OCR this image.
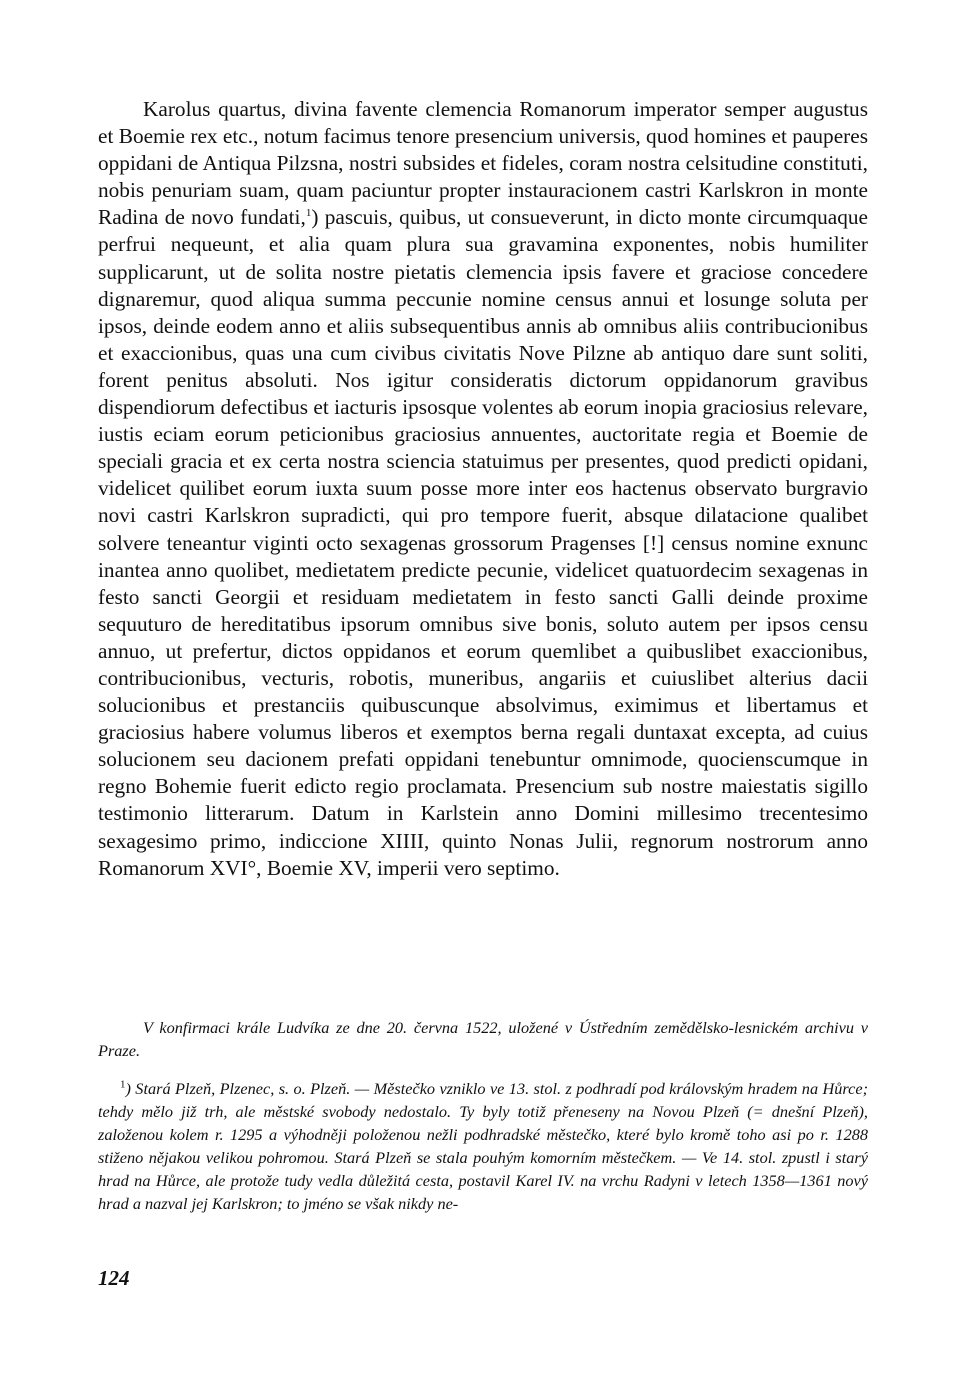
Karolus quartus, divina favente clemencia Romanorum imperator semper augustus et Boemie rex etc., notum facimus tenore presencium universis, quod homines et pauperes oppidani de Antiqua Pilzsna, nostri subsides et fideles, coram nostra celsitudine constituti, nobis penuriam suam, quam paciuntur propter instauracionem castri Karlskron in monte Radina de novo fundati,$^1$) pascuis, quibus, ut consueverunt, in dicto monte circumquaque perfrui nequeunt, et alia quam plura sua gravamina exponentes, nobis humiliter supplicarunt, ut de solita nostre pietatis clemencia ipsis favere et graciose concedere dignaremur, quod aliqua summa peccunie nomine census annui et losunge soluta per ipsos, deinde eodem anno et aliis subsequentibus annis ab omnibus aliis contribucionibus et exaccionibus, quas una cum civibus civitatis Nove Pilzne ab antiquo dare sunt soliti, forent penitus absoluti. Nos igitur consideratis dictorum oppidanorum gravibus dispendiorum defectibus et iacturis ipsosque volentes ab eorum inopia graciosius relevare, iustis eciam eorum peticionibus graciosius annuentes, auctoritate regia et Boemie de speciali gracia et ex certa nostra sciencia statuimus per presentes, quod predicti opidani, videlicet quilibet eorum iuxta suum posse more inter eos hactenus observato burgravio novi castri Karlskron supradicti, qui pro tempore fuerit, absque dilatacione qualibet solvere teneantur viginti octo sexagenas grossorum Pragenses [!] census nomine exnunc inantea anno quolibet, medietatem predicte pecunie, videlicet quatuordecim sexagenas in festo sancti Georgii et residuam medietatem in festo sancti Galli deinde proxime sequuturo de hereditatibus ipsorum omnibus sive bonis, soluto autem per ipsos censu annuo, ut prefertur, dictos oppidanos et eorum quemlibet a quibuslibet exaccionibus, contribucionibus, vecturis, robotis, muneribus, angariis et cuiuslibet alterius dacii solucionibus et prestanciis quibuscunque absolvimus, eximimus et libertamus et graciosius habere volumus liberos et exemptos berna regali duntaxat excepta, ad cuius solucionem seu dacionem prefati oppidani tenebuntur omnimode, quocienscumque in regno Bohemie fuerit edicto regio proclamata. Presencium sub nostre maiestatis sigillo testimonio litterarum. Datum in Karlstein anno Domini millesimo trecentesimo sexagesimo primo, indiccione XIIII, quinto Nonas Julii, regnorum nostrorum anno Romanorum XVI°, Boemie XV, imperii vero septimo.

V konfirmaci krále Ludvíka ze dne 20. června 1522, uložené v Ústředním zemědělsko-lesnickém archivu v Praze.

$^1$) Stará Plzeň, Plzenec, s. o. Plzeň. — Městečko vzniklo ve 13. stol. z podhradí pod královským hradem na Hůrce; tehdy mělo již trh, ale městské svobody nedostalo. Ty byly totiž přeneseny na Novou Plzeň (= dnešní Plzeň), založenou kolem r. 1295 a výhodněji položenou nežli podhradské městečko, které bylo kromě toho asi po r. 1288 stiženo nějakou velikou pohromou. Stará Plzeň se stala pouhým komorním městečkem. — Ve 14. stol. zpustl i starý hrad na Hůrce, ale protože tudy vedla důležitá cesta, postavil Karel IV. na vrchu Radyni v letech 1358—1361 nový hrad a nazval jej Karlskron; to jméno se však nikdy ne-

124
